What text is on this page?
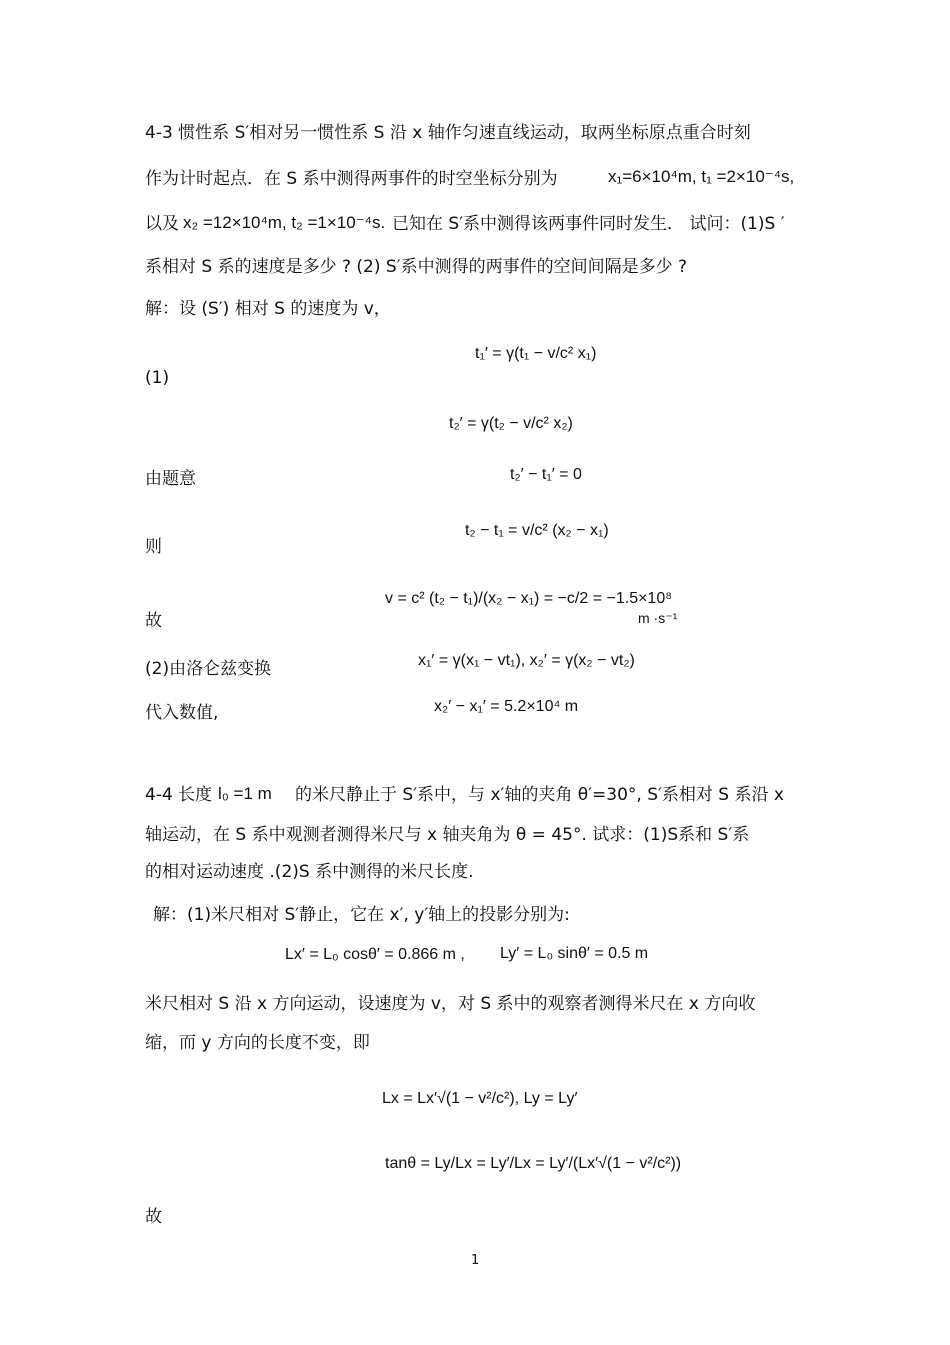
4-3 惯性系 S′相对另一惯性系 S 沿 x 轴作匀速直线运动，取两坐标原点重合时刻
作为计时起点．在 S 系中测得两事件的时空坐标分别为	x₁=6×10⁴m, t₁ =2×10⁻⁴s,
以及 x₂ =12×10⁴m, t₂ =1×10⁻⁴s. 已知在 S′系中测得该两事件同时发生． 试问：(1)S ′
系相对 S 系的速度是多少 ? (2) S′系中测得的两事件的空间间隔是多少 ?
解：设 (S′) 相对 S 的速度为 v，
(1)
t₁′ = γ(t₁ − v/c² x₁)
t₂′ = γ(t₂ − v/c² x₂)
由题意	t₂′ − t₁′ = 0
则
t₂ − t₁ = v/c² (x₂ − x₁)
故
v = c² (t₂ − t₁)/(x₂ − x₁) = −c/2 = −1.5×10⁸
m ·s⁻¹
(2)由洛仑兹变换	x₁′ = γ(x₁ − vt₁), x₂′ = γ(x₂ − vt₂)
代入数值,	x₂′ − x₁′ = 5.2×10⁴ m
4-4 长度 l₀ =1 m 的米尺静止于 S′系中，与 x′轴的夹角 θ′=30°, S′系相对 S 系沿 x
轴运动，在 S 系中观测者测得米尺与 x 轴夹角为 θ = 45°. 试求：(1)S系和 S′系
的相对运动速度 .(2)S 系中测得的米尺长度.
解：(1)米尺相对 S′静止，它在 x′, y′轴上的投影分别为:
Lx′ = L₀ cosθ′ = 0.866 m , Ly′ = L₀ sinθ′ = 0.5 m
米尺相对 S 沿 x 方向运动，设速度为 v，对 S 系中的观察者测得米尺在 x 方向收
缩，而 y 方向的长度不变，即
Lx = Lx′√(1 − v²/c²), Ly = Ly′
tanθ = Ly/Lx = Ly′/Lx = Ly′/(Lx′√(1 − v²/c²))
故
1
